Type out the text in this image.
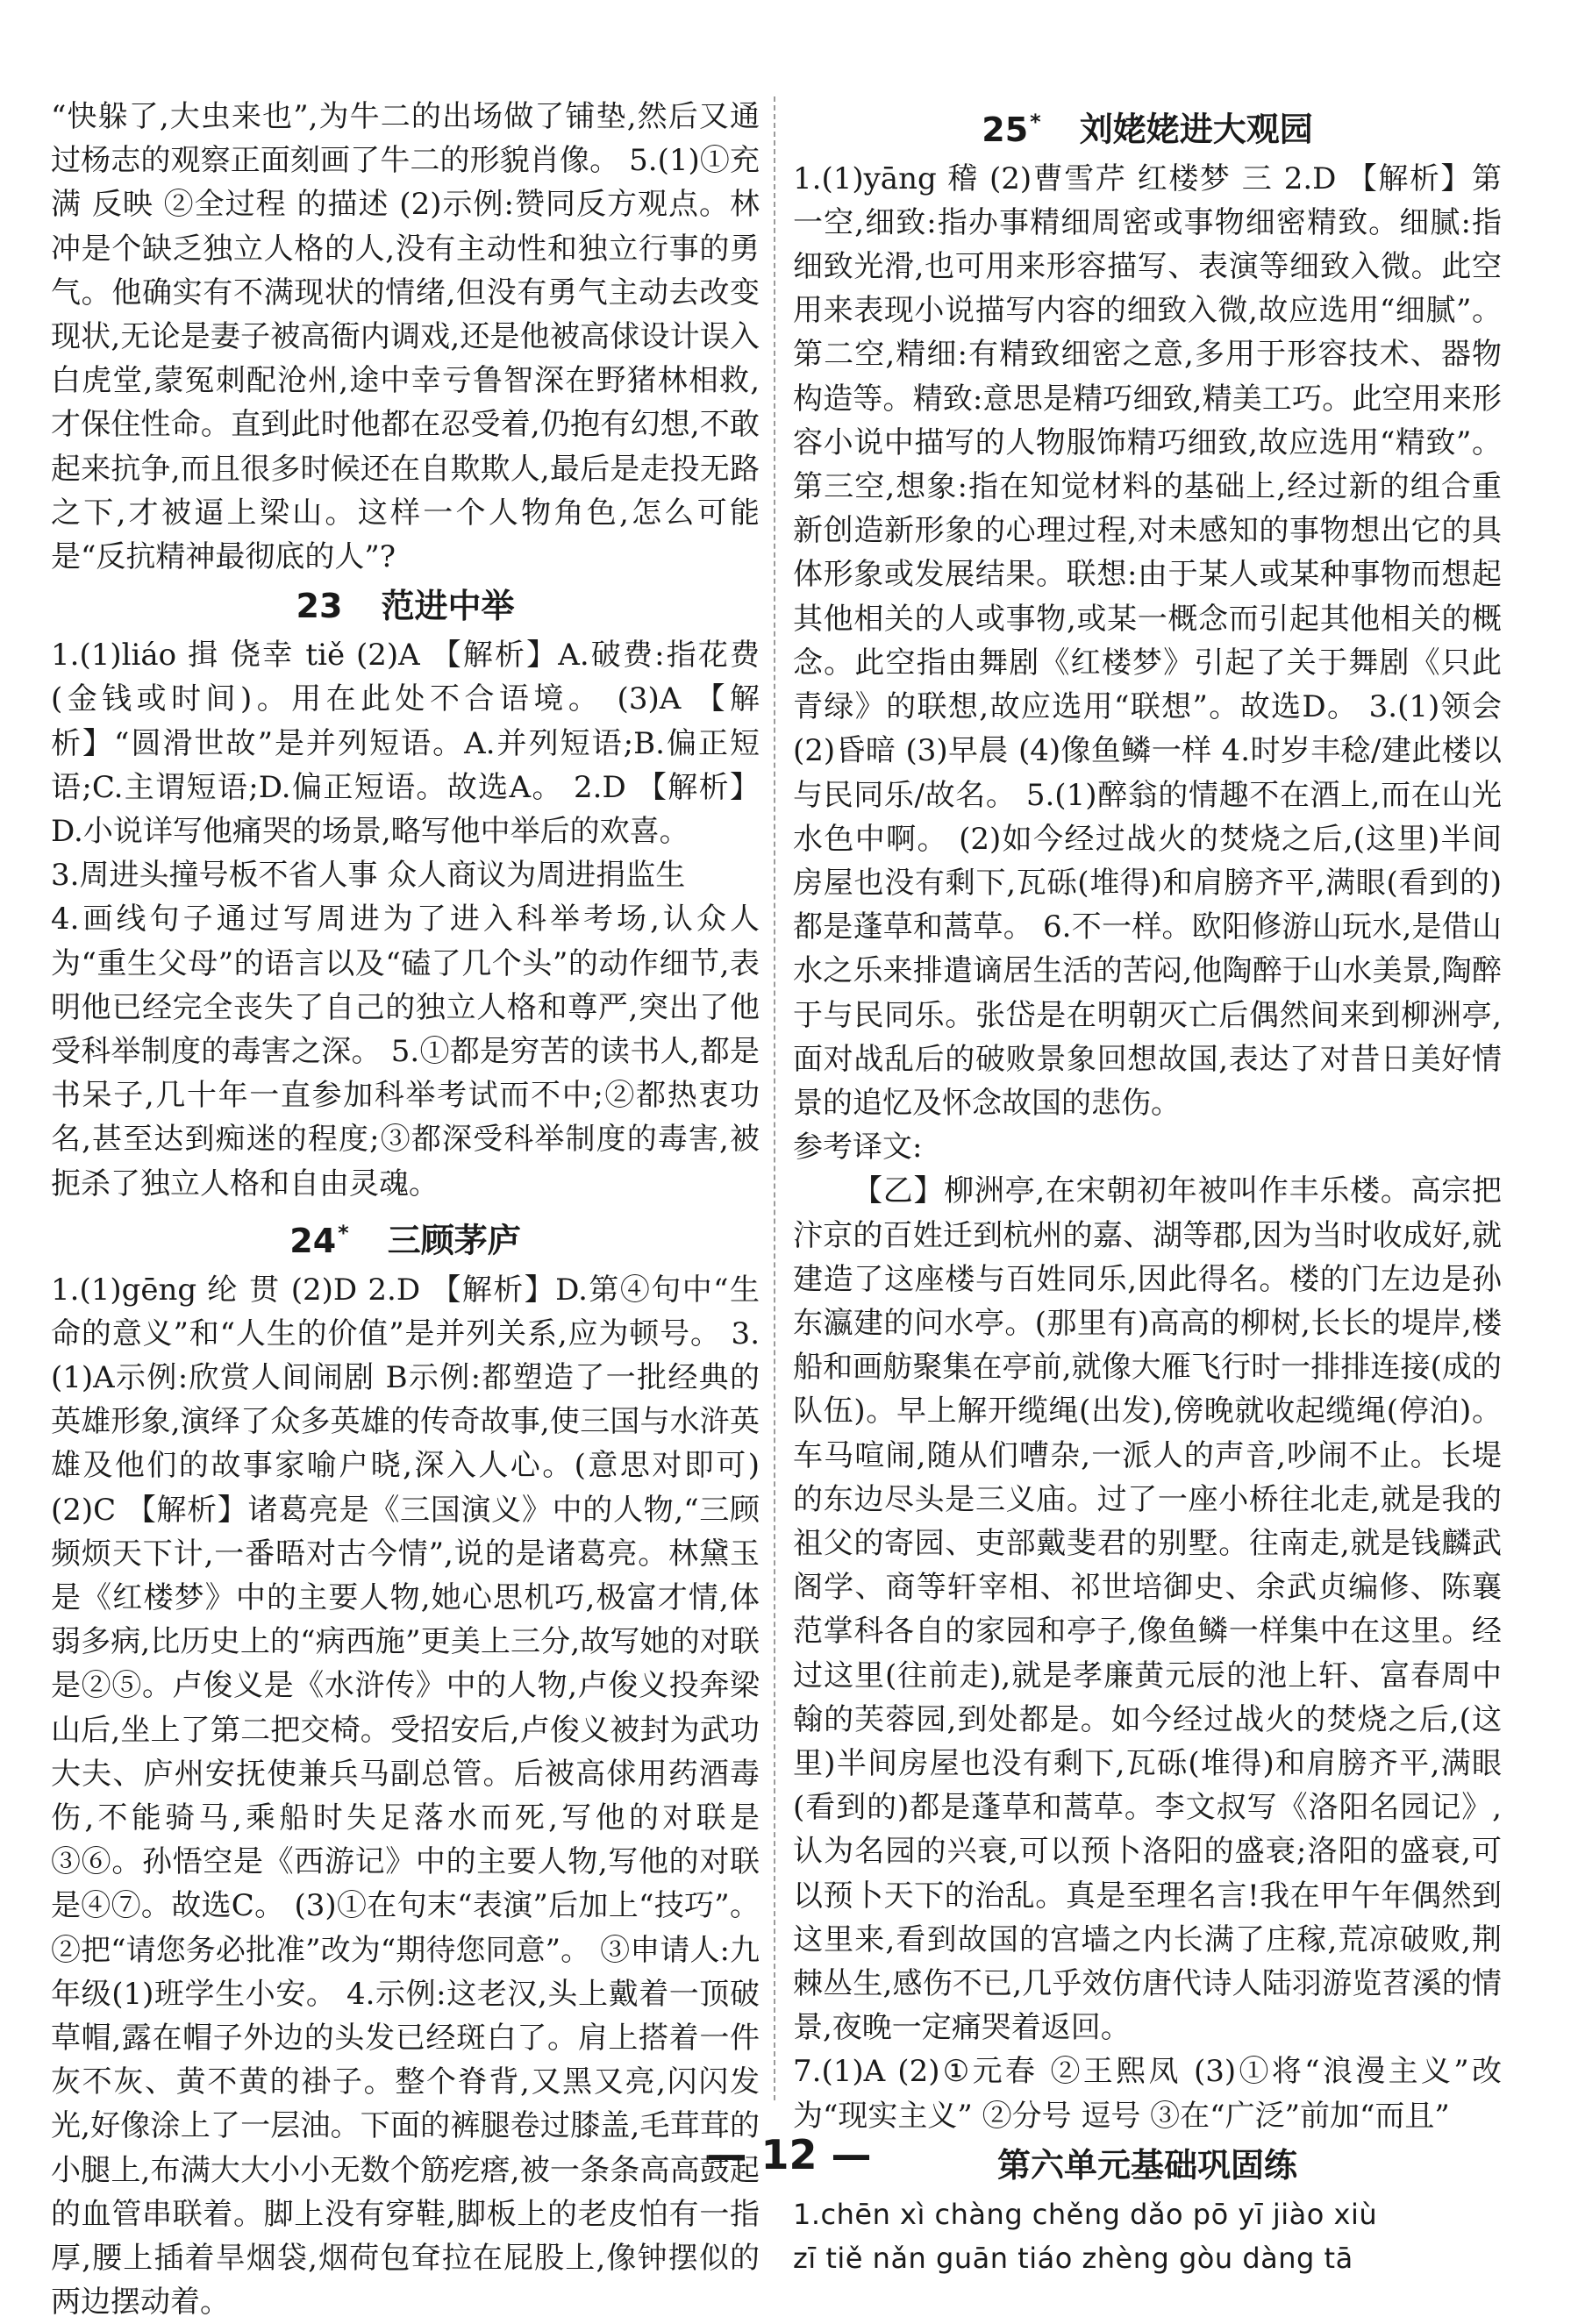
“快躲了,大虫来也”,为牛二的出场做了铺垫,然后又通过杨志的观察正面刻画了牛二的形貌肖像。 5.(1)①充满 反映 ②全过程 的描述 (2)示例:赞同反方观点。林冲是个缺乏独立人格的人,没有主动性和独立行事的勇气。他确实有不满现状的情绪,但没有勇气主动去改变现状,无论是妻子被高衙内调戏,还是他被高俅设计误入白虎堂,蒙冤刺配沧州,途中幸亏鲁智深在野猪林相救,才保住性命。直到此时他都在忍受着,仍抱有幻想,不敢起来抗争,而且很多时候还在自欺欺人,最后是走投无路之下,才被逼上梁山。这样一个人物角色,怎么可能是“反抗精神最彻底的人”?

23 范进中举

1.(1)liáo 揖 侥幸 tiě (2)A 【解析】A.破费:指花费(金钱或时间)。用在此处不合语境。 (3)A 【解析】“圆滑世故”是并列短语。A.并列短语;B.偏正短语;C.主谓短语;D.偏正短语。故选A。 2.D 【解析】D.小说详写他痛哭的场景,略写他中举后的欢喜。

3.周进头撞号板不省人事 众人商议为周进捐监生

4.画线句子通过写周进为了进入科举考场,认众人为“重生父母”的语言以及“磕了几个头”的动作细节,表明他已经完全丧失了自己的独立人格和尊严,突出了他受科举制度的毒害之深。 5.①都是穷苦的读书人,都是书呆子,几十年一直参加科举考试而不中;②都热衷功名,甚至达到痴迷的程度;③都深受科举制度的毒害,被扼杀了独立人格和自由灵魂。

24* 三顾茅庐

1.(1)gēng 纶 贯 (2)D 2.D 【解析】D.第④句中“生命的意义”和“人生的价值”是并列关系,应为顿号。 3.(1)A示例:欣赏人间闹剧 B示例:都塑造了一批经典的英雄形象,演绎了众多英雄的传奇故事,使三国与水浒英雄及他们的故事家喻户晓,深入人心。(意思对即可) (2)C 【解析】诸葛亮是《三国演义》中的人物,“三顾频烦天下计,一番晤对古今情”,说的是诸葛亮。林黛玉是《红楼梦》中的主要人物,她心思机巧,极富才情,体弱多病,比历史上的“病西施”更美上三分,故写她的对联是②⑤。卢俊义是《水浒传》中的人物,卢俊义投奔梁山后,坐上了第二把交椅。受招安后,卢俊义被封为武功大夫、庐州安抚使兼兵马副总管。后被高俅用药酒毒伤,不能骑马,乘船时失足落水而死,写他的对联是③⑥。孙悟空是《西游记》中的主要人物,写他的对联是④⑦。故选C。 (3)①在句末“表演”后加上“技巧”。 ②把“请您务必批准”改为“期待您同意”。 ③申请人:九年级(1)班学生小安。 4.示例:这老汉,头上戴着一顶破草帽,露在帽子外边的头发已经斑白了。肩上搭着一件灰不灰、黄不黄的褂子。整个脊背,又黑又亮,闪闪发光,好像涂上了一层油。下面的裤腿卷过膝盖,毛茸茸的小腿上,布满大大小小无数个筋疙瘩,被一条条高高鼓起的血管串联着。脚上没有穿鞋,脚板上的老皮怕有一指厚,腰上插着旱烟袋,烟荷包耷拉在屁股上,像钟摆似的两边摆动着。

25* 刘姥姥进大观园

1.(1)yāng 稽 (2)曹雪芹 红楼梦 三 2.D 【解析】第一空,细致:指办事精细周密或事物细密精致。细腻:指细致光滑,也可用来形容描写、表演等细致入微。此空用来表现小说描写内容的细致入微,故应选用“细腻”。第二空,精细:有精致细密之意,多用于形容技术、器物构造等。精致:意思是精巧细致,精美工巧。此空用来形容小说中描写的人物服饰精巧细致,故应选用“精致”。第三空,想象:指在知觉材料的基础上,经过新的组合重新创造新形象的心理过程,对未感知的事物想出它的具体形象或发展结果。联想:由于某人或某种事物而想起其他相关的人或事物,或某一概念而引起其他相关的概念。此空指由舞剧《红楼梦》引起了关于舞剧《只此青绿》的联想,故应选用“联想”。故选D。 3.(1)领会 (2)昏暗 (3)早晨 (4)像鱼鳞一样 4.时岁丰稔/建此楼以与民同乐/故名。 5.(1)醉翁的情趣不在酒上,而在山光水色中啊。 (2)如今经过战火的焚烧之后,(这里)半间房屋也没有剩下,瓦砾(堆得)和肩膀齐平,满眼(看到的)都是蓬草和蒿草。 6.不一样。欧阳修游山玩水,是借山水之乐来排遣谪居生活的苦闷,他陶醉于山水美景,陶醉于与民同乐。张岱是在明朝灭亡后偶然间来到柳洲亭,面对战乱后的破败景象回想故国,表达了对昔日美好情景的追忆及怀念故国的悲伤。

参考译文:

【乙】柳洲亭,在宋朝初年被叫作丰乐楼。高宗把汴京的百姓迁到杭州的嘉、湖等郡,因为当时收成好,就建造了这座楼与百姓同乐,因此得名。楼的门左边是孙东瀛建的问水亭。(那里有)高高的柳树,长长的堤岸,楼船和画舫聚集在亭前,就像大雁飞行时一排排连接(成的队伍)。早上解开缆绳(出发),傍晚就收起缆绳(停泊)。车马喧闹,随从们嘈杂,一派人的声音,吵闹不止。长堤的东边尽头是三义庙。过了一座小桥往北走,就是我的祖父的寄园、吏部戴斐君的别墅。往南走,就是钱麟武阁学、商等轩宰相、祁世培御史、余武贞编修、陈襄范掌科各自的家园和亭子,像鱼鳞一样集中在这里。经过这里(往前走),就是孝廉黄元辰的池上轩、富春周中翰的芙蓉园,到处都是。如今经过战火的焚烧之后,(这里)半间房屋也没有剩下,瓦砾(堆得)和肩膀齐平,满眼(看到的)都是蓬草和蒿草。李文叔写《洛阳名园记》,认为名园的兴衰,可以预卜洛阳的盛衰;洛阳的盛衰,可以预卜天下的治乱。真是至理名言!我在甲午年偶然到这里来,看到故国的宫墙之内长满了庄稼,荒凉破败,荆棘丛生,感伤不已,几乎效仿唐代诗人陆羽游览苕溪的情景,夜晚一定痛哭着返回。

7.(1)A (2)①元春 ②王熙凤 (3)①将“浪漫主义”改为“现实主义” ②分号 逗号 ③在“广泛”前加“而且”

第六单元基础巩固练

1.chēn xì chàng chěng dǎo pō yī jiào xiù

zī tiě nǎn guān tiáo zhèng gòu dàng tā

— 12 —
